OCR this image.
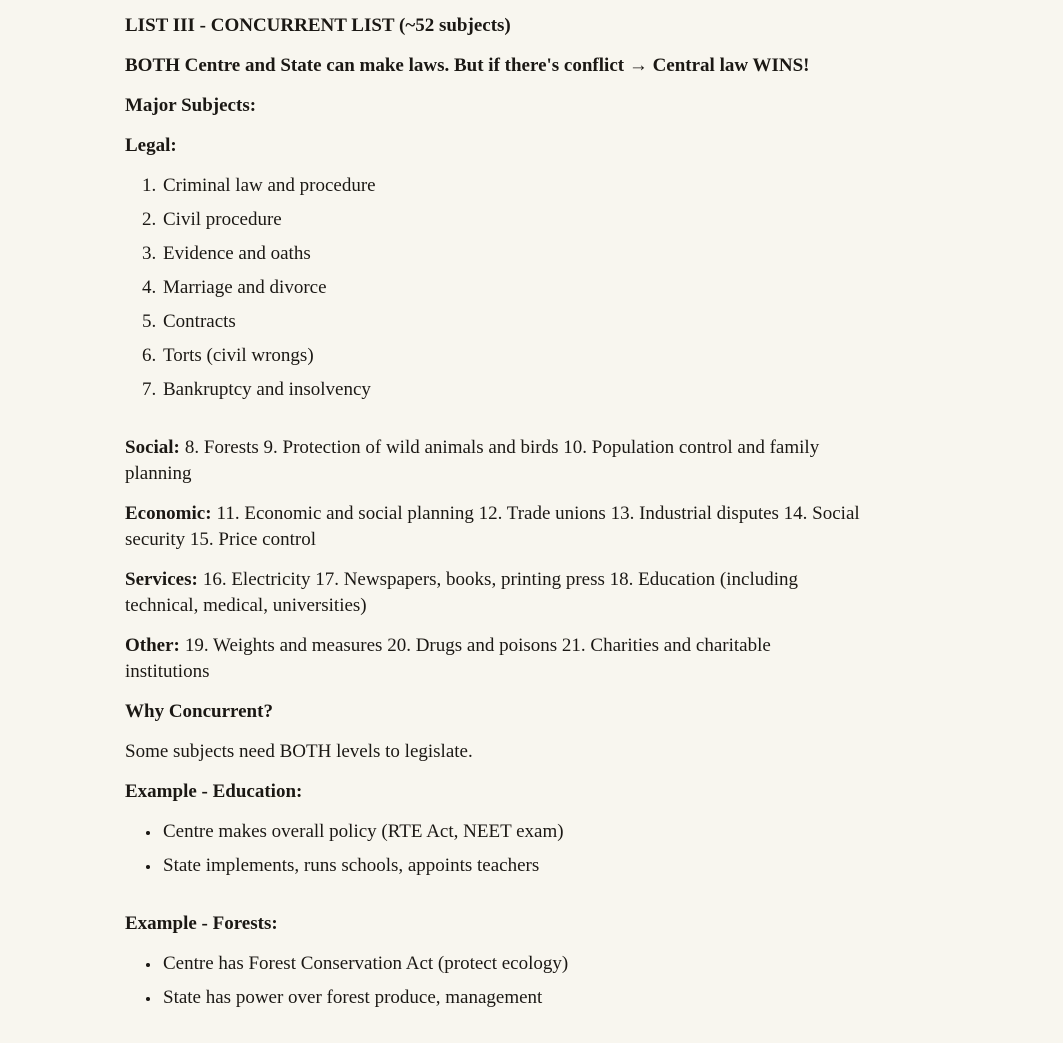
LIST III - CONCURRENT LIST (~52 subjects)

BOTH Centre and State can make laws. But if there's conflict → Central law WINS!

Major Subjects:

Legal:

1. Criminal law and procedure
2. Civil procedure
3. Evidence and oaths
4. Marriage and divorce
5. Contracts
6. Torts (civil wrongs)
7. Bankruptcy and insolvency

Social: 8. Forests 9. Protection of wild animals and birds 10. Population control and family planning

Economic: 11. Economic and social planning 12. Trade unions 13. Industrial disputes 14. Social security 15. Price control

Services: 16. Electricity 17. Newspapers, books, printing press 18. Education (including technical, medical, universities)

Other: 19. Weights and measures 20. Drugs and poisons 21. Charities and charitable institutions

Why Concurrent?

Some subjects need BOTH levels to legislate.

Example - Education:

• Centre makes overall policy (RTE Act, NEET exam)
• State implements, runs schools, appoints teachers

Example - Forests:

• Centre has Forest Conservation Act (protect ecology)
• State has power over forest produce, management
